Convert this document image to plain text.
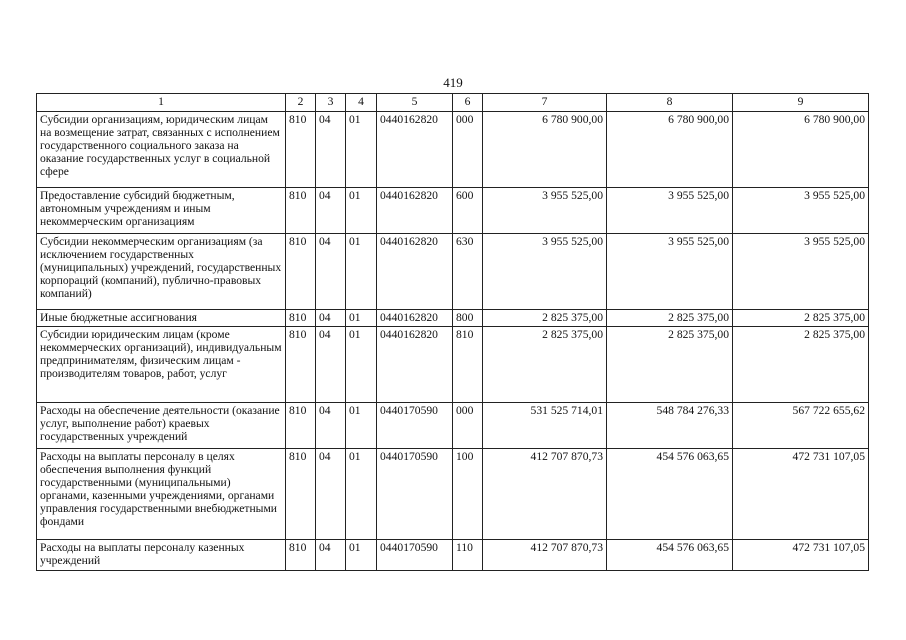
419
1	2	3	4	5	6	7	8	9
Субсидии организациям, юридическим лицам на возмещение затрат, связанных с исполнением государственного социального заказа на оказание государственных услуг в социальной сфере	810	04	01	0440162820	000	6 780 900,00	6 780 900,00	6 780 900,00
Предоставление субсидий бюджетным, автономным учреждениям и иным некоммерческим организациям	810	04	01	0440162820	600	3 955 525,00	3 955 525,00	3 955 525,00
Субсидии некоммерческим организациям (за исключением государственных (муниципальных) учреждений, государственных корпораций (компаний), публично-правовых компаний)	810	04	01	0440162820	630	3 955 525,00	3 955 525,00	3 955 525,00
Иные бюджетные ассигнования	810	04	01	0440162820	800	2 825 375,00	2 825 375,00	2 825 375,00
Субсидии юридическим лицам (кроме некоммерческих организаций), индивидуальным предпринимателям, физическим лицам - производителям товаров, работ, услуг	810	04	01	0440162820	810	2 825 375,00	2 825 375,00	2 825 375,00
Расходы на обеспечение деятельности (оказание услуг, выполнение работ) краевых государственных учреждений	810	04	01	0440170590	000	531 525 714,01	548 784 276,33	567 722 655,62
Расходы на выплаты персоналу в целях обеспечения выполнения функций государственными (муниципальными) органами, казенными учреждениями, органами управления государственными внебюджетными фондами	810	04	01	0440170590	100	412 707 870,73	454 576 063,65	472 731 107,05
Расходы на выплаты персоналу казенных учреждений	810	04	01	0440170590	110	412 707 870,73	454 576 063,65	472 731 107,05
